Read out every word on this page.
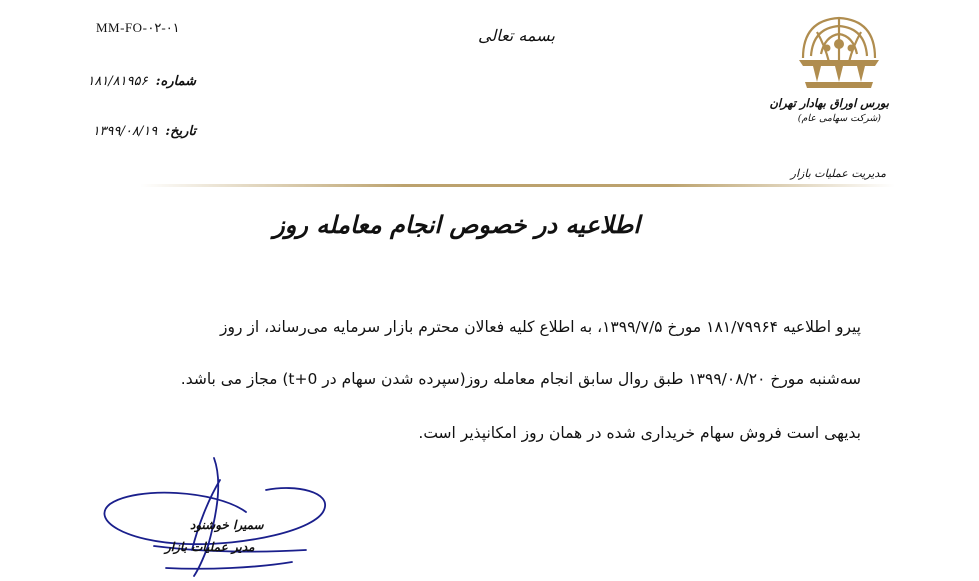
MM-FO-۰۲-۰۱	بسمه تعالی
شماره: ۱۸۱/۸۱۹۵۶
تاریخ: ۱۳۹۹/۰۸/۱۹
بورس اوراق بهادار تهران
(شرکت سهامی عام)
مدیریت عملیات بازار
اطلاعیه در خصوص انجام معامله روز
پیرو اطلاعیه ۱۸۱/۷۹۹۶۴ مورخ ۱۳۹۹/۷/۵، به اطلاع کلیه فعالان محترم بازار سرمایه می‌رساند، از روز
سه‌شنبه مورخ ۱۳۹۹/۰۸/۲۰ طبق روال سابق انجام معامله روز(سپرده شدن سهام در t+0) مجاز می باشد.
بدیهی است فروش سهام خریداری شده در همان روز امکانپذیر است.
سمیرا خوشنود
مدیر عملیات بازار
